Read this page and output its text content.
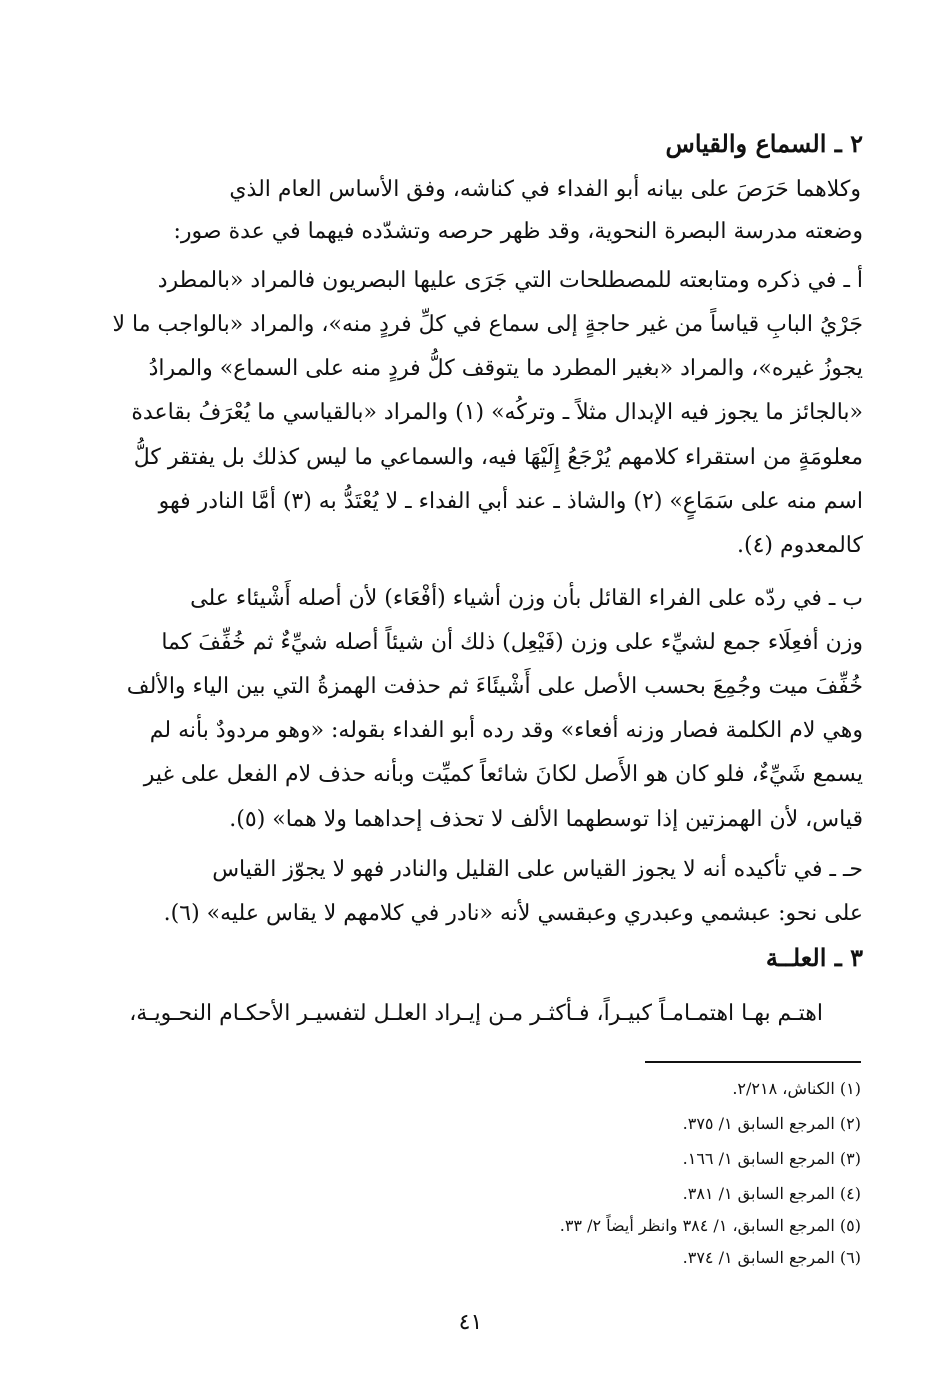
٢ ـ السماع والقياس
وكلاهما حَرَصَ على بيانه أبو الفداء في كناشه، وفق الأساس العام الذي
وضعته مدرسة البصرة النحوية، وقد ظهر حرصه وتشدّده فيهما في عدة صور:
أ ـ في ذكره ومتابعته للمصطلحات التي جَرَى عليها البصريون فالمراد «بالمطرد
جَرْيُ البابِ قياساً من غير حاجةٍ إلى سماع في كلِّ فردٍ منه»، والمراد «بالواجب ما لا
يجوزُ غيره»، والمراد «بغير المطرد ما يتوقف كلُّ فردٍ منه على السماع» والمرادُ
«بالجائز ما يجوز فيه الإبدال مثلاً ـ وتركُه» (١) والمراد «بالقياسي ما يُعْرَفُ بقاعدة
معلومَةٍ من استقراء كلامهم يُرْجَعُ إِلَيْهَا فيه، والسماعي ما ليس كذلك بل يفتقر كلُّ
اسم منه على سَمَاعٍ» (٢) والشاذ ـ عند أبي الفداء ـ لا يُعْتَدُّ به (٣) أمَّا النادر فهو
كالمعدوم (٤).
ب ـ في ردّه على الفراء القائل بأن وزن أشياء (أفْعَاء) لأن أصله أَشْيئاء على
وزن أفعِلَاء جمع لشيِّء على وزن (فَيْعِل) ذلك أن شيئاً أصله شيِّءٌ ثم خُفِّفَ كما
خُفِّفَ ميت وجُمِعَ بحسب الأصل على أَشْيئَاءَ ثم حذفت الهمزةُ التي بين الياء والألف
وهي لام الكلمة فصار وزنه أفعاء» وقد رده أبو الفداء بقوله: «وهو مردودٌ بأنه لم
يسمع شَيِّءٌ، فلو كان هو الأَصل لكانَ شائعاً كميِّت وبأنه حذف لام الفعل على غير
قياس، لأن الهمزتين إذا توسطهما الألف لا تحذف إحداهما ولا هما» (٥).
حـ ـ في تأكيده أنه لا يجوز القياس على القليل والنادر فهو لا يجوّز القياس
على نحو: عبشمي وعبدري وعبقسي لأنه «نادر في كلامهم لا يقاس عليه» (٦).
٣ ـ العلــة
اهتـم بهـا اهتمـامـاً كبيـراً، فـأكثـر مـن إيـراد العلـل لتفسيـر الأحكـام النحـويـة،
(١) الكناش، ٢/٢١٨.
(٢) المرجع السابق ١/ ٣٧٥.
(٣) المرجع السابق ١/ ١٦٦.
(٤) المرجع السابق ١/ ٣٨١.
(٥) المرجع السابق، ١/ ٣٨٤ وانظر أيضاً ٢/ ٣٣.
(٦) المرجع السابق ١/ ٣٧٤.
٤١
